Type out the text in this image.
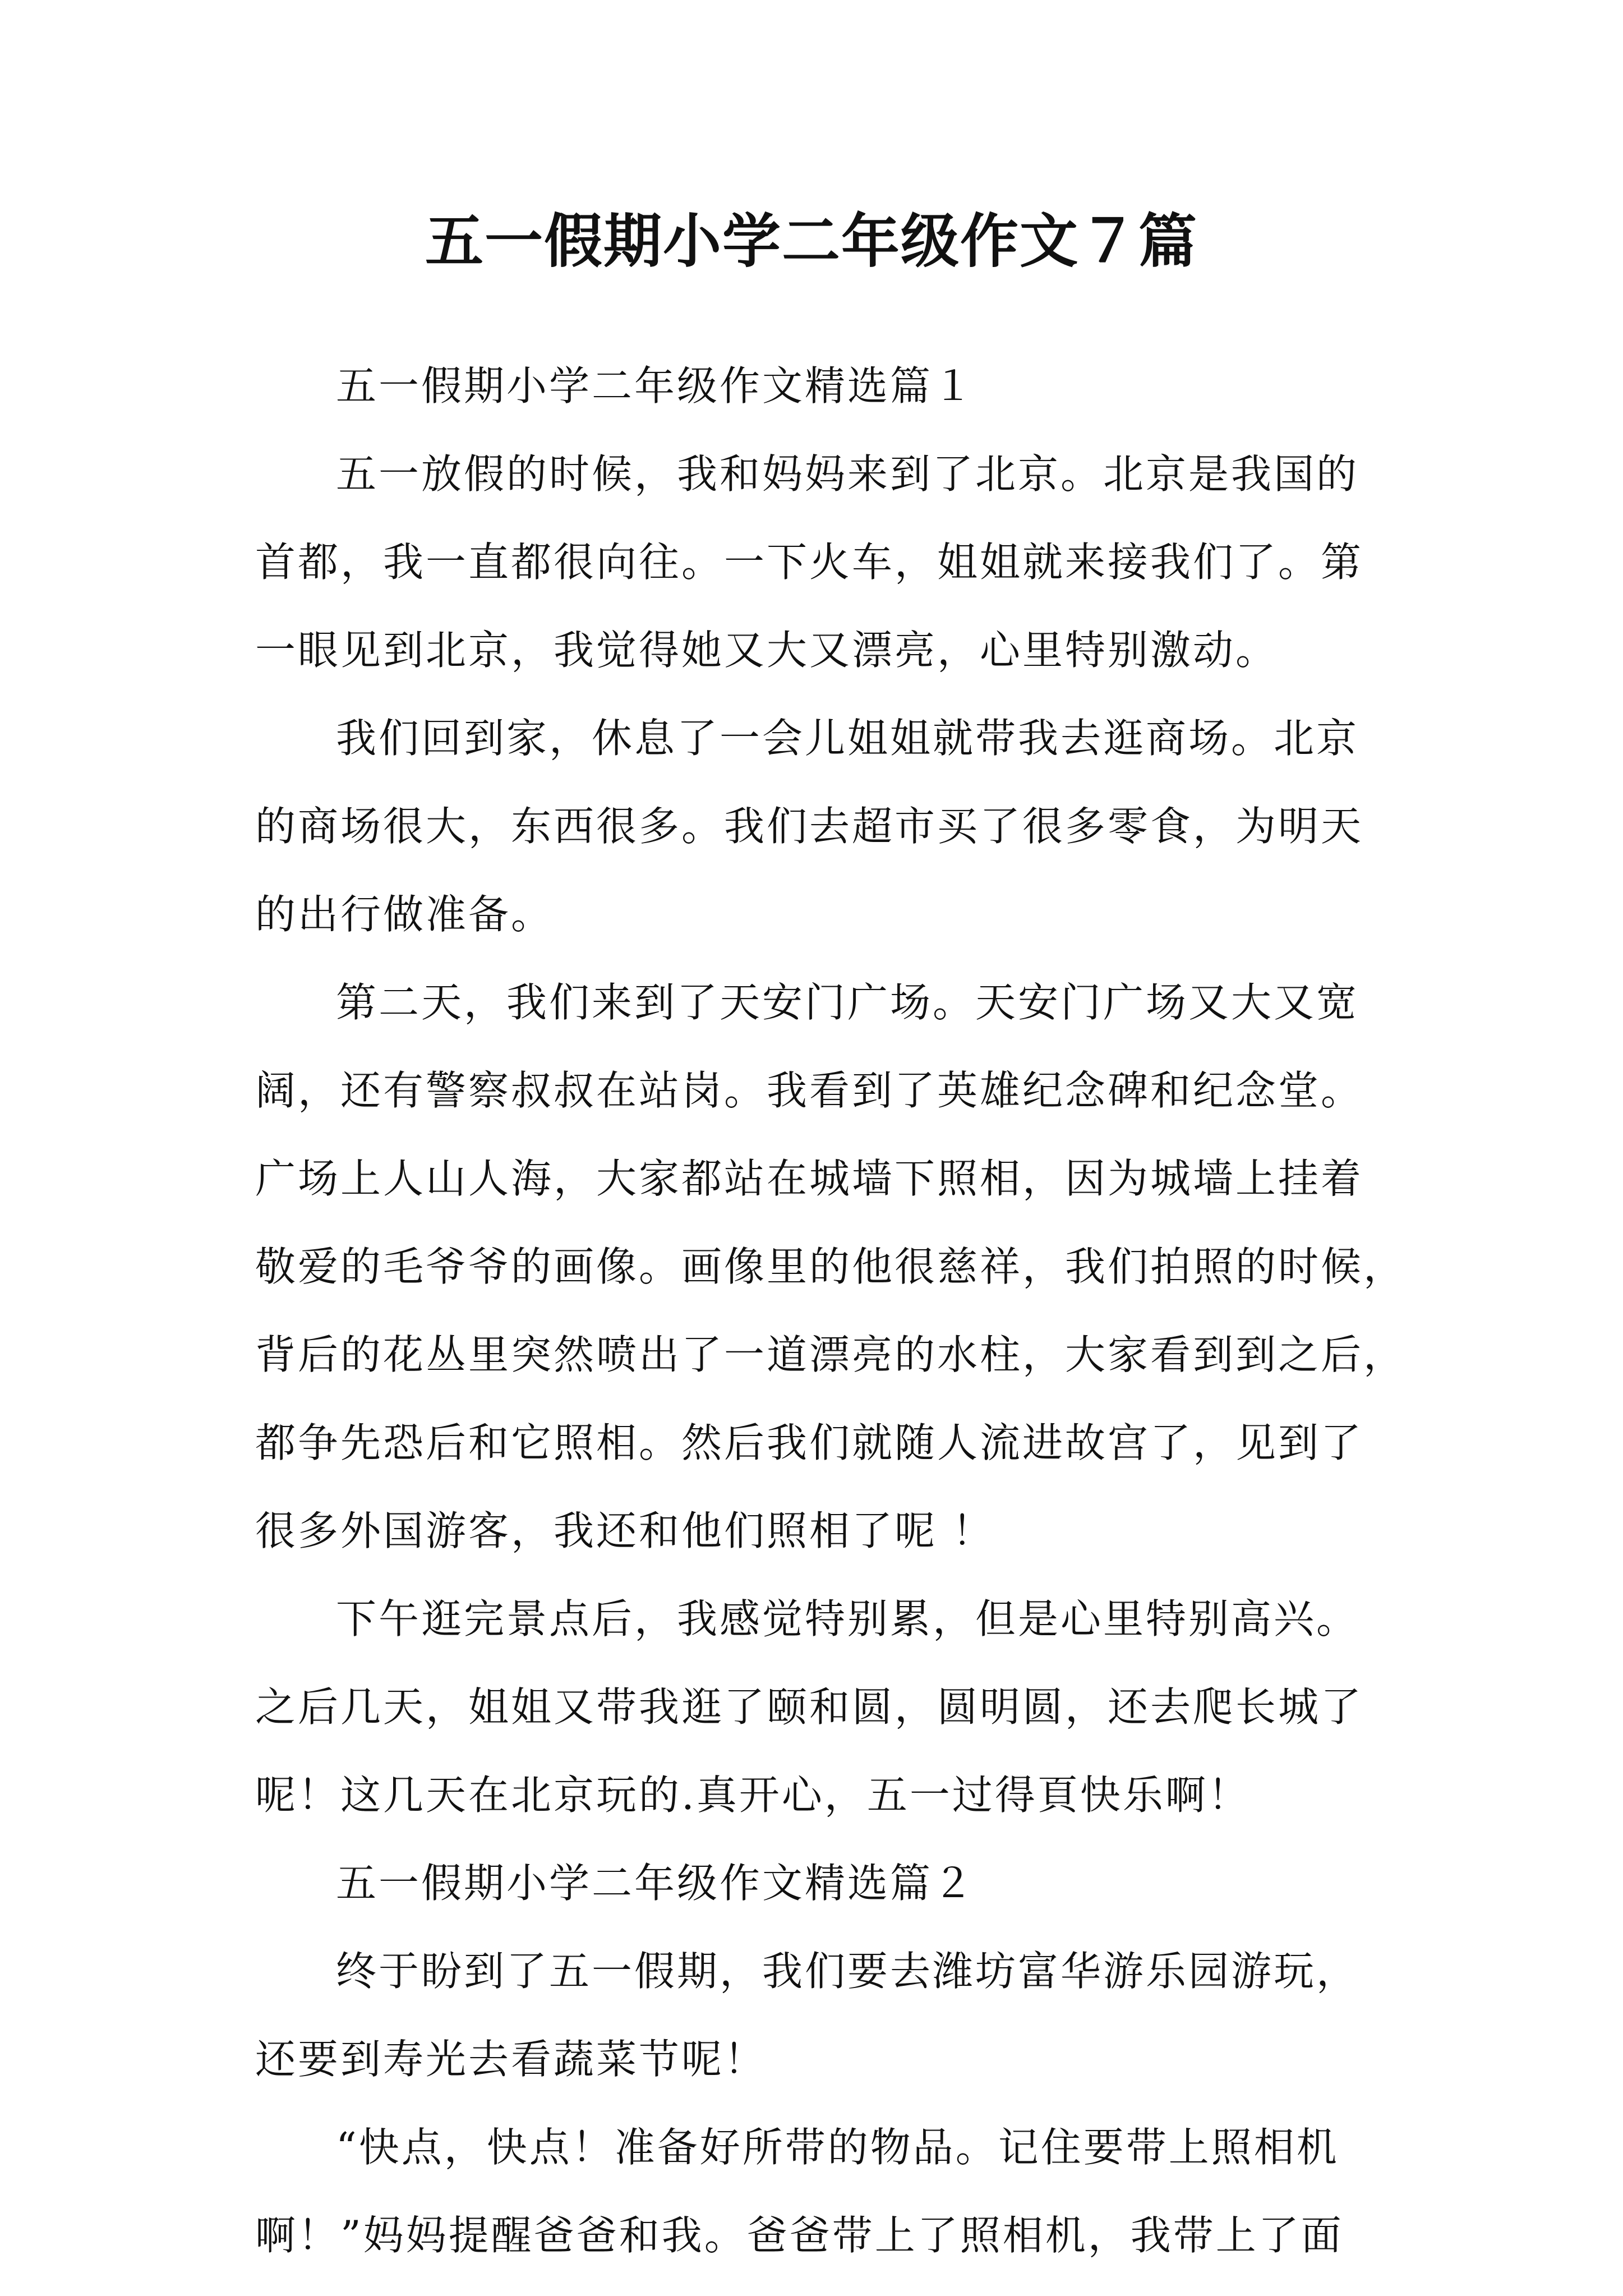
五一假期小学二年级作文７篇
五一假期小学二年级作文精选篇１
五一放假的时候，我和妈妈来到了北京。北京是我国的
首都，我一直都很向往。一下火车，姐姐就来接我们了。第
一眼见到北京，我觉得她又大又漂亮，心里特别激动。
我们回到家，休息了一会儿姐姐就带我去逛商场。北京
的商场很大，东西很多。我们去超市买了很多零食，为明天
的出行做准备。
第二天，我们来到了天安门广场。天安门广场又大又宽
阔，还有警察叔叔在站岗。我看到了英雄纪念碑和纪念堂。
广场上人山人海，大家都站在城墙下照相，因为城墙上挂着
敬爱的毛爷爷的画像。画像里的他很慈祥，我们拍照的时候，
背后的花丛里突然喷出了一道漂亮的水柱，大家看到到之后，
都争先恐后和它照相。然后我们就随人流进故宫了，见到了
很多外国游客，我还和他们照相了呢 ！
下午逛完景点后，我感觉特别累，但是心里特别高兴。
之后几天，姐姐又带我逛了颐和圆，圆明圆，还去爬长城了
呢！这几天在北京玩的.真开心，五一过得頁快乐啊！
五一假期小学二年级作文精选篇２
终于盼到了五一假期，我们要去潍坊富华游乐园游玩，
还要到寿光去看蔬菜节呢！
“快点，快点！准备好所带的物品。记住要带上照相机
啊！”妈妈提醒爸爸和我。爸爸带上了照相机，我带上了面
